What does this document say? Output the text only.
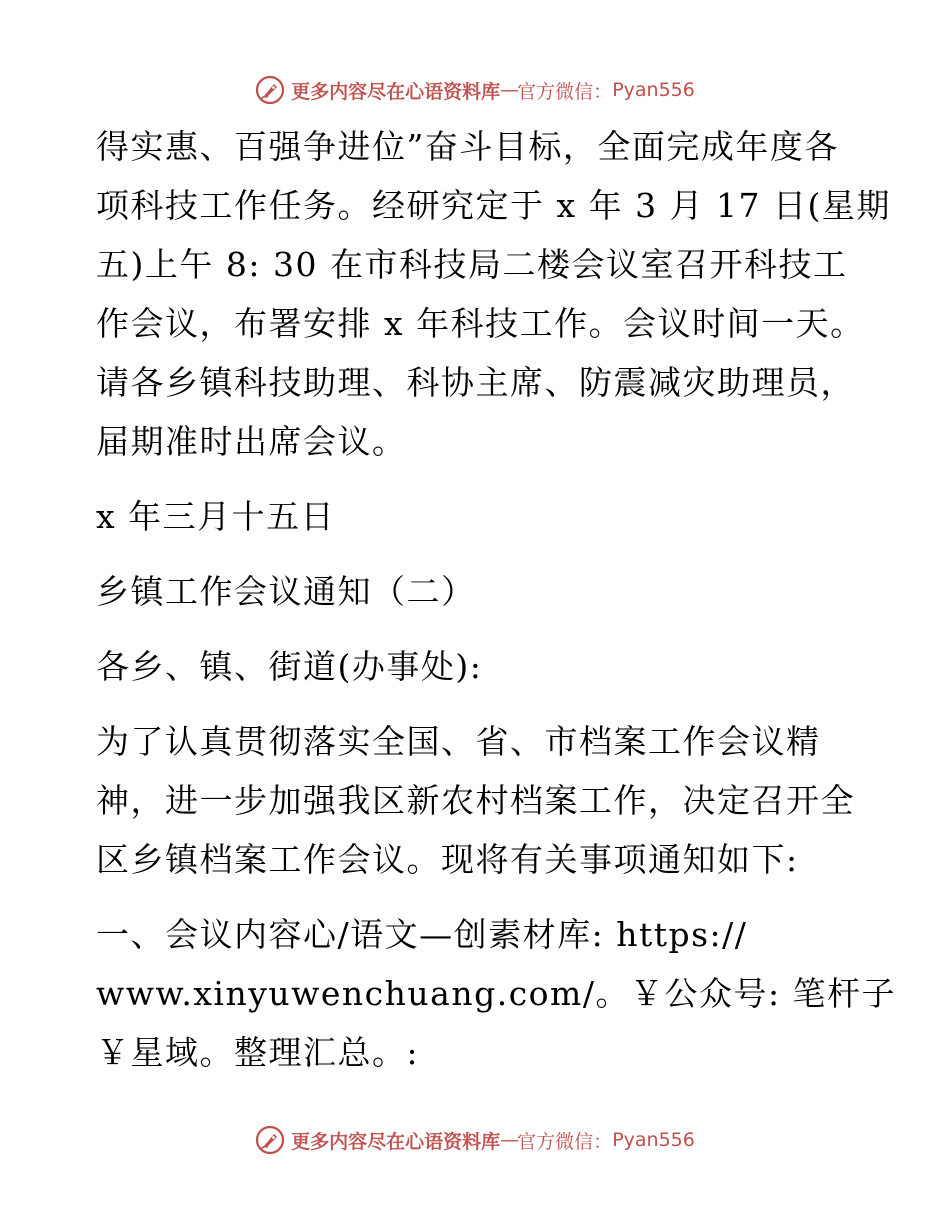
更多内容尽在心语资料库 — 官方微信： Pyan556

得实惠、百强争进位”奋斗目标，全面完成年度各
项科技工作任务。经研究定于 x 年 3 月 17 日(星期
五)上午 8: 30 在市科技局二楼会议室召开科技工
作会议，布署安排 x 年科技工作。会议时间一天。
请各乡镇科技助理、科协主席、防震减灾助理员，
届期准时出席会议。

x 年三月十五日

乡镇工作会议通知（二）

各乡、镇、街道(办事处):

为了认真贯彻落实全国、省、市档案工作会议精
神，进一步加强我区新农村档案工作，决定召开全
区乡镇档案工作会议。现将有关事项通知如下:

一、会议内容心/语文—创素材库: https://
www.xinyuwenchuang.com/。￥公众号: 笔杆子
￥星域。整理汇总。:

更多内容尽在心语资料库 — 官方微信： Pyan556
